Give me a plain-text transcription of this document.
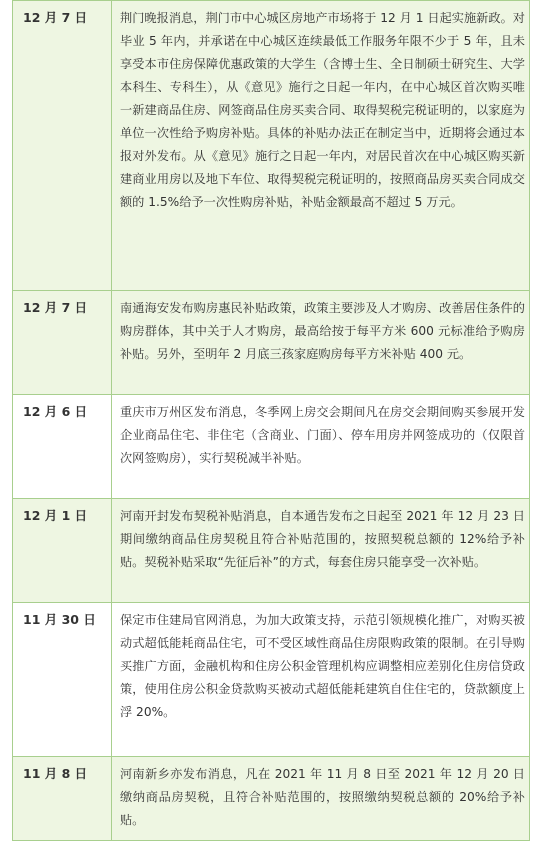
12 月 7 日	荆门晚报消息，荆门市中心城区房地产市场将于 12 月 1 日起实施新政。对毕业 5 年内，并承诺在中心城区连续最低工作服务年限不少于 5 年，且未享受本市住房保障优惠政策的大学生（含博士生、全日制硕士研究生、大学本科生、专科生），从《意见》施行之日起一年内，在中心城区首次购买唯一新建商品住房、网签商品住房买卖合同、取得契税完税证明的，以家庭为单位一次性给予购房补贴。具体的补贴办法正在制定当中，近期将会通过本报对外发布。从《意见》施行之日起一年内，对居民首次在中心城区购买新建商业用房以及地下车位、取得契税完税证明的，按照商品房买卖合同成交额的 1.5%给予一次性购房补贴，补贴金额最高不超过 5 万元。
12 月 7 日	南通海安发布购房惠民补贴政策，政策主要涉及人才购房、改善居住条件的购房群体，其中关于人才购房，最高给按于每平方米 600 元标准给予购房补贴。另外，至明年 2 月底三孩家庭购房每平方米补贴 400 元。
12 月 6 日	重庆市万州区发布消息，冬季网上房交会期间凡在房交会期间购买参展开发企业商品住宅、非住宅（含商业、门面）、停车用房并网签成功的（仅限首次网签购房），实行契税减半补贴。
12 月 1 日	河南开封发布契税补贴消息，自本通告发布之日起至 2021 年 12 月 23 日期间缴纳商品住房契税且符合补贴范围的，按照契税总额的 12%给予补贴。契税补贴采取“先征后补”的方式，每套住房只能享受一次补贴。
11 月 30 日	保定市住建局官网消息，为加大政策支持，示范引领规模化推广，对购买被动式超低能耗商品住宅，可不受区域性商品住房限购政策的限制。在引导购买推广方面，金融机构和住房公积金管理机构应调整相应差别化住房信贷政策，使用住房公积金贷款购买被动式超低能耗建筑自住住宅的，贷款额度上浮 20%。
11 月 8 日	河南新乡亦发布消息，凡在 2021 年 11 月 8 日至 2021 年 12 月 20 日缴纳商品房契税，且符合补贴范围的，按照缴纳契税总额的 20%给予补贴。
